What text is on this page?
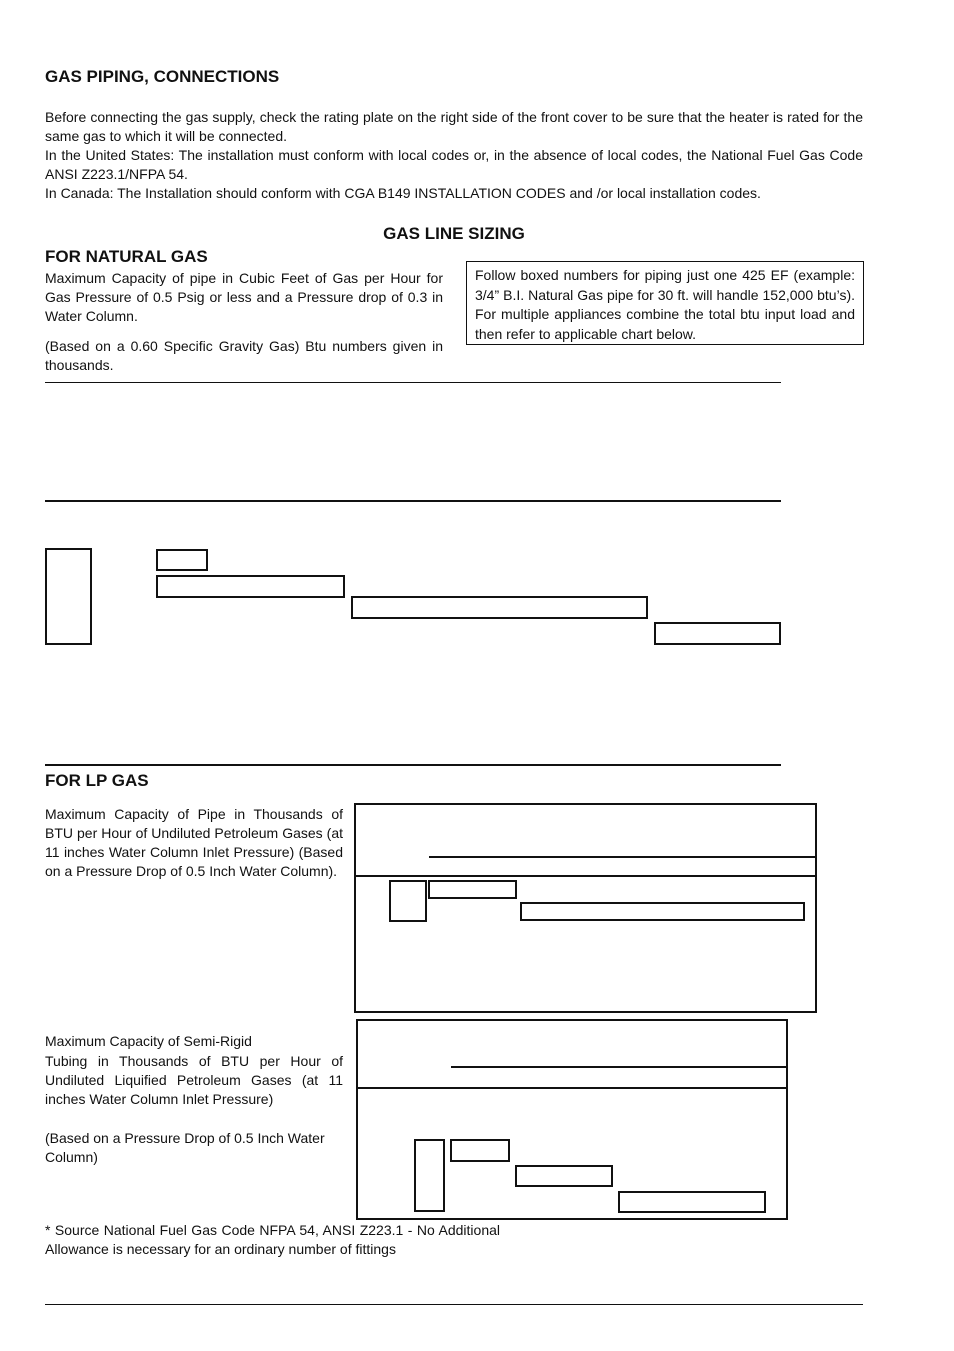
GAS PIPING, CONNECTIONS

Before connecting the gas supply, check the rating plate on the right side of the front cover to be sure that the heater is rated for the same gas to which it will be connected.

In the United States: The installation must conform with local codes or, in the absence of local codes, the National Fuel Gas Code ANSI Z223.1/NFPA 54.

In Canada: The Installation should conform with CGA B149 INSTALLATION CODES and /or local installation codes.

GAS LINE SIZING
FOR NATURAL GAS

Maximum Capacity of pipe in Cubic Feet of Gas per Hour for Gas Pressure of 0.5 Psig or less and a Pressure drop of 0.3 in Water Column.

(Based on a 0.60 Specific Gravity Gas) Btu numbers given in thousands.

Follow boxed numbers for piping just one 425 EF (example: 3/4” B.I. Natural Gas pipe for 30 ft. will handle 152,000 btu’s). For multiple appliances combine the total btu input load and then refer to applicable chart below.
FOR LP GAS

Maximum Capacity of Pipe in Thousands of BTU per Hour of Undiluted Petroleum Gases (at 11 inches Water Column Inlet Pressure) (Based on a Pressure Drop of 0.5 Inch Water Column).

Maximum Capacity of Semi-Rigid

Tubing in Thousands of BTU per Hour of Undiluted Liquified Petroleum Gases (at 11 inches Water Column Inlet Pressure)

(Based on a Pressure Drop of 0.5 Inch Water Column)

* Source National Fuel Gas Code NFPA 54, ANSI Z223.1 - No Additional Allowance is necessary for an ordinary number of fittings
